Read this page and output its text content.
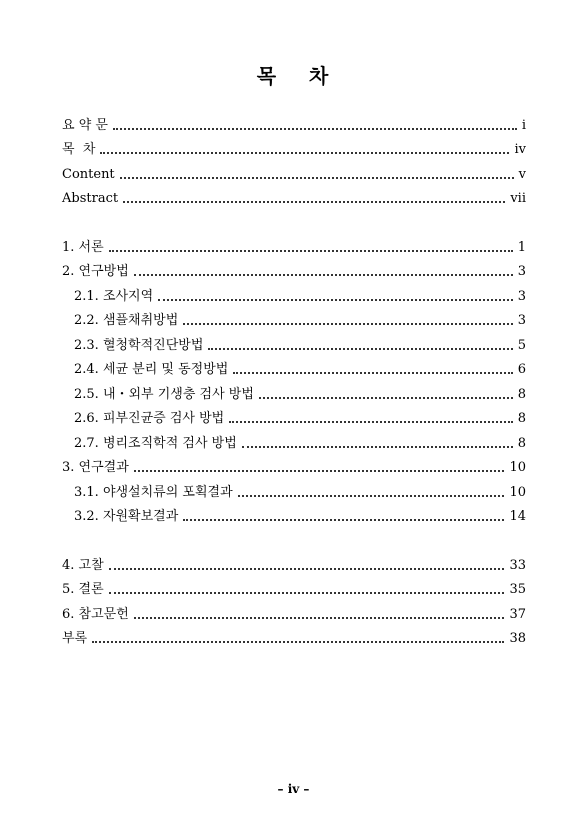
목 차
요 약 문	i
목  차	iv
Content	v
Abstract	vii
1. 서론	1
2. 연구방법	3
2.1. 조사지역	3
2.2. 샘플채취방법	3
2.3. 혈청학적진단방법	5
2.4. 세균 분리 및 동정방법	6
2.5. 내・외부 기생충 검사 방법	8
2.6. 피부진균증 검사 방법	8
2.7. 병리조직학적 검사 방법	8
3. 연구결과	10
3.1. 야생설치류의 포획결과	10
3.2. 자원확보결과	14
4. 고찰	33
5. 결론	35
6. 참고문헌	37
부록	38
– iv –
